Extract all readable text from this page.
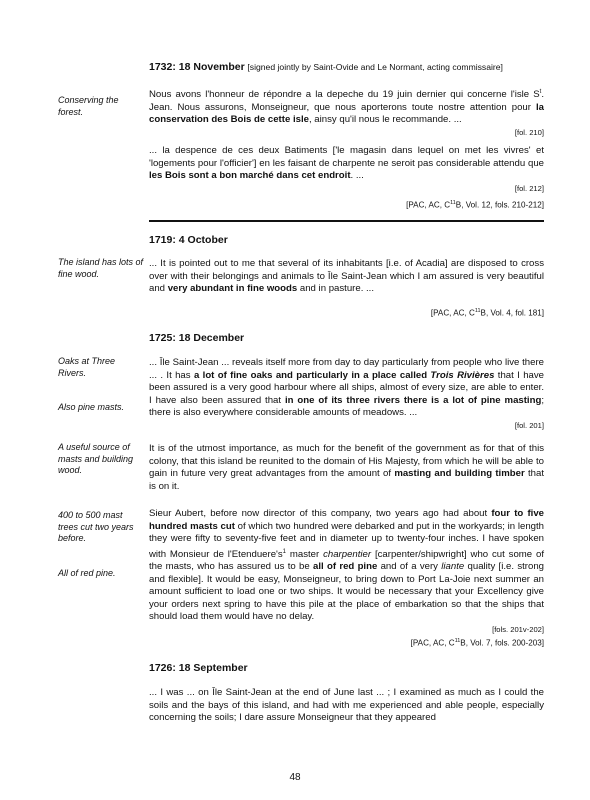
1732: 18 November [signed jointly by Saint-Ovide and Le Normant, acting commissaire]
Conserving the forest.
Nous avons l'honneur de répondre a la depeche du 19 juin dernier qui concerne l'isle $S^t$. Jean. Nous assurons, Monseigneur, que nous aporterons toute nostre attention pour la conservation des Bois de cette isle, ainsy qu'il nous le recommande. ...
[fol. 210]
... la despence de ces deux Batiments ['le magasin dans lequel on met les vivres' et 'logements pour l'officier'] en les faisant de charpente ne seroit pas considerable attendu que les Bois sont a bon marché dans cet endroit. ...
[fol. 212]
[PAC, AC, $C^{11}B$, Vol. 12, fols. 210-212]
1719: 4 October
The island has lots of fine wood.
... It is pointed out to me that several of its inhabitants [i.e. of Acadia] are disposed to cross over with their belongings and animals to Île Saint-Jean which I am assured is very beautiful and very abundant in fine woods and in pasture. ...
[PAC, AC, $C^{11}B$, Vol. 4, fol. 181]
1725: 18 December
Oaks at Three Rivers.
Also pine masts.
... Île Saint-Jean ... reveals itself more from day to day particularly from people who live there ... . It has a lot of fine oaks and particularly in a place called Trois Rivières that I have been assured is a very good harbour where all ships, almost of every size, are able to enter. I have also been assured that in one of its three rivers there is a lot of pine masting; there is also everywhere considerable amounts of meadows. ...
[fol. 201]
A useful source of masts and building wood.
It is of the utmost importance, as much for the benefit of the government as for that of this colony, that this island be reunited to the domain of His Majesty, from which he will be able to gain in future very great advantages from the amount of masting and building timber that is on it.
400 to 500 mast trees cut two years before.
All of red pine.
Sieur Aubert, before now director of this company, two years ago had about four to five hundred masts cut of which two hundred were debarked and put in the workyards; in length they were fifty to seventy-five feet and in diameter up to twenty-four inches. I have spoken with Monsieur de $l'Etenduere's^1$ master charpentier [carpenter/shipwright] who cut some of the masts, who has assured us to be all of red pine and of a very liante quality [i.e. strong and flexible]. It would be easy, Monseigneur, to bring down to Port La-Joie next summer an amount sufficient to load one or two ships. It would be necessary that your Excellency give your orders next spring to have this pile at the place of embarkation so that the ships that should load them would have no delay.
[fols. 201v-202]
[PAC, AC, $C^{11}B$, Vol. 7, fols. 200-203]
1726: 18 September
... I was ... on Île Saint-Jean at the end of June last ... ; I examined as much as I could the soils and the bays of this island, and had with me experienced and able people, especially concerning the soils; I dare assure Monseigneur that they appeared
48
